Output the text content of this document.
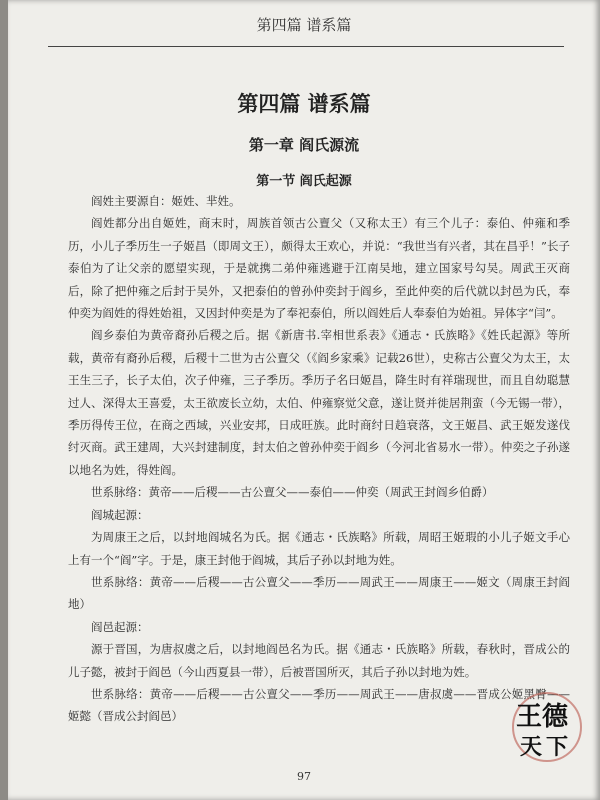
第四篇 谱系篇
第四篇 谱系篇
第一章 阎氏源流
第一节 阎氏起源

阎姓主要源自：姬姓、芈姓。

阎姓都分出自姬姓，商末时，周族首领古公亶父（又称太王）有三个儿子：泰伯、仲雍和季历，小儿子季历生一子姬昌（即周文王），颇得太王欢心，并说：“我世当有兴者，其在昌乎！”长子泰伯为了让父亲的愿望实现，于是就携二弟仲雍逃避于江南吴地，建立国家号勾吴。周武王灭商后，除了把仲雍之后封于吴外，又把泰伯的曾孙仲奕封于阎乡，至此仲奕的后代就以封邑为氏，奉仲奕为阎姓的得姓始祖，又因封仲奕是为了奉祀泰伯，所以阎姓后人奉泰伯为始祖。异体字“闫”。

阎乡泰伯为黄帝裔孙后稷之后。据《新唐书.宰相世系表》《通志・氏族略》《姓氏起源》等所载，黄帝有裔孙后稷，后稷十二世为古公亶父（《阎乡家乘》记载26世），史称古公亶父为太王，太王生三子，长子太伯，次子仲雍，三子季历。季历子名曰姬昌，降生时有祥瑞现世，而且自幼聪慧过人、深得太王喜爱，太王欲废长立幼，太伯、仲雍察觉父意，遂让贤并徙居荆蛮（今无锡一带），季历得传王位，在商之西域，兴业安邦，日成旺族。此时商纣日趋衰落，文王姬昌、武王姬发遂伐纣灭商。武王建周，大兴封建制度，封太伯之曾孙仲奕于阎乡（今河北省易水一带）。仲奕之子孙遂以地名为姓，得姓阎。

世系脉络：黄帝——后稷——古公亶父——泰伯——仲奕（周武王封阎乡伯爵）

阎城起源：

为周康王之后，以封地阎城名为氏。据《通志・氏族略》所载，周昭王姬瑕的小儿子姬文手心上有一个“阎”字。于是，康王封他于阎城，其后子孙以封地为姓。

世系脉络：黄帝——后稷——古公亶父——季历——周武王——周康王——姬文（周康王封阎地）

阎邑起源：

源于晋国，为唐叔虞之后，以封地阎邑名为氏。据《通志・氏族略》所载，春秋时，晋成公的儿子懿，被封于阎邑（今山西夏县一带），后被晋国所灭，其后子孙以封地为姓。

世系脉络：黄帝——后稷——古公亶父——季历——周武王——唐叔虞——晋成公姬黑臀——姬懿（晋成公封阎邑）

97
王 德
天 下
